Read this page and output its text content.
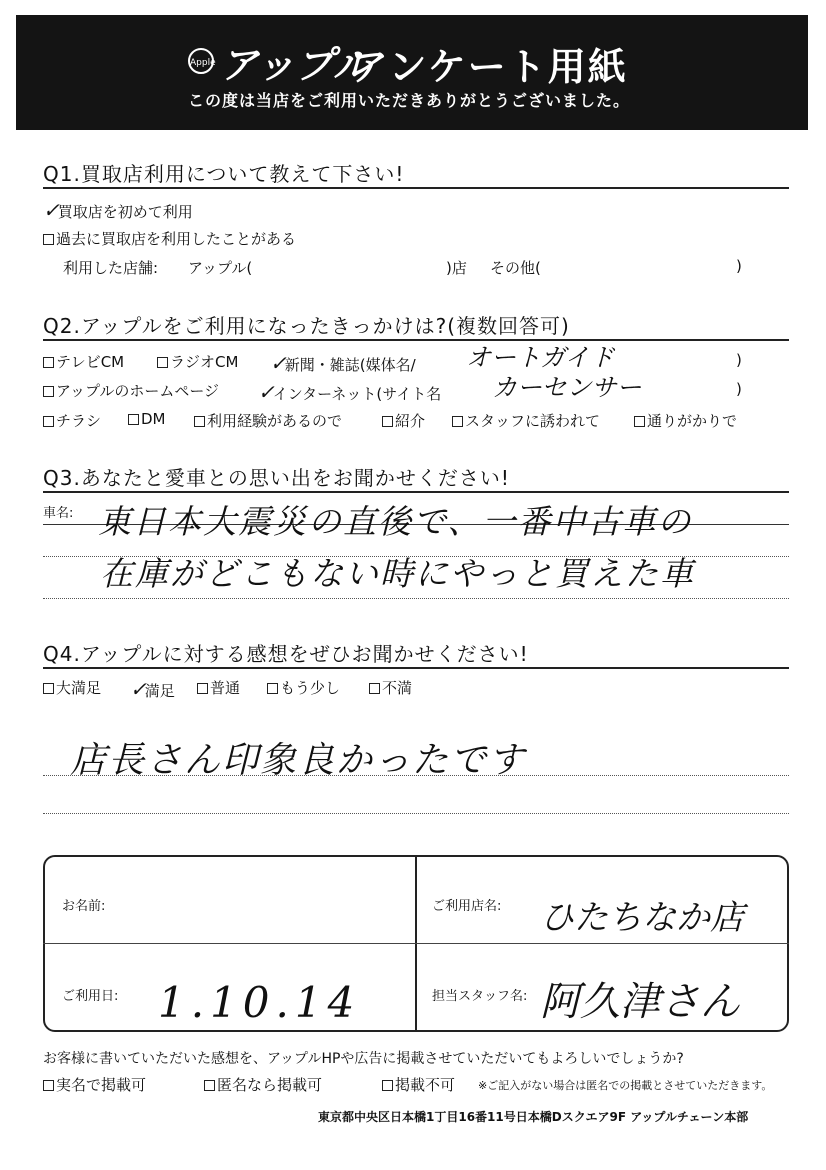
Apple アップル
アンケート用紙
この度は当店をご利用いただきありがとうございました。
Q1.買取店利用について教えて下さい!
✓買取店を初めて利用
過去に買取店を利用したことがある
利用した店舗: アップル(	)店 その他(	)
Q2.アップルをご利用になったきっかけは?(複数回答可)
テレビCM	ラジオCM ✓新聞・雑誌(媒体名/ オートガイド	)
アップルのホームページ ✓インターネット(サイト名 カーセンサー	)
チラシ	DM	利用経験があるので	紹介	スタッフに誘われて	通りがかりで
Q3.あなたと愛車との思い出をお聞かせください!
車名: 東日本大震災の直後で、一番中古車の
在庫がどこもない時にやっと買えた車
Q4.アップルに対する感想をぜひお聞かせください!
大満足 ✓満足	普通	もう少し	不満
店長さん印象良かったです
お名前:	ご利用店名: ひたちなか店
ご利用日: 1.10.14	担当スタッフ名: 阿久津さん
お客様に書いていただいた感想を、アップルHPや広告に掲載させていただいてもよろしいでしょうか?
実名で掲載可	匿名なら掲載可	掲載不可 ※ご記入がない場合は匿名での掲載とさせていただきます。
東京都中央区日本橋1丁目16番11号日本橋Dスクエア9F アップルチェーン本部
